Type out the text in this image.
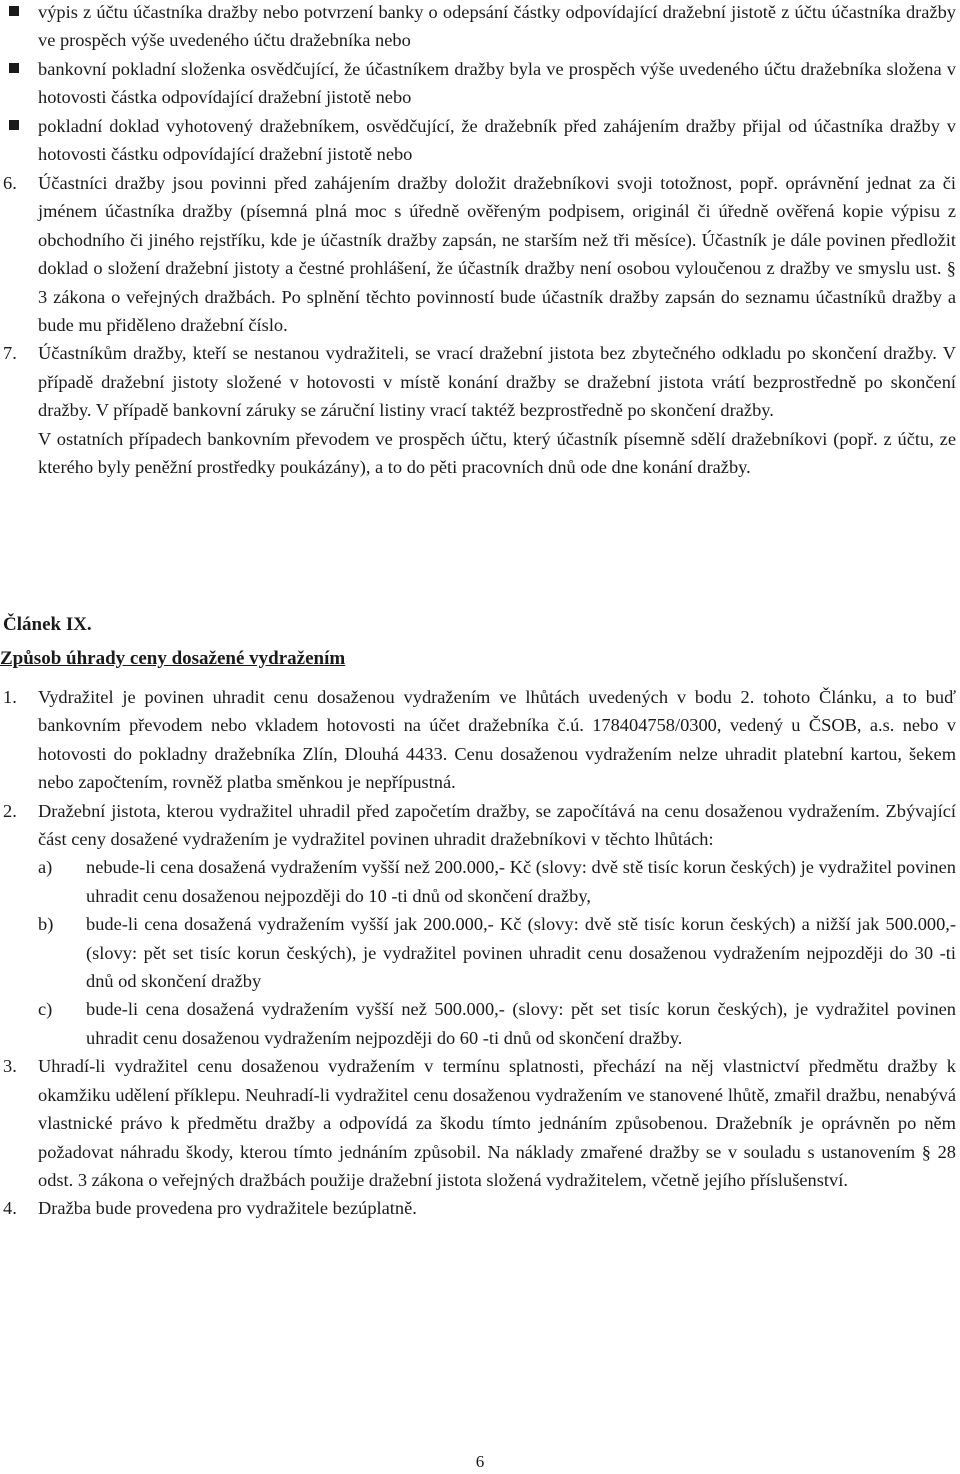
výpis z účtu účastníka dražby nebo potvrzení banky o odepsání částky odpovídající dražební jistotě z účtu účastníka dražby ve prospěch výše uvedeného účtu dražebníka nebo
bankovní pokladní složenka osvědčující, že účastníkem dražby byla ve prospěch výše uvedeného účtu dražebníka složena v hotovosti částka odpovídající dražební jistotě nebo
pokladní doklad vyhotovený dražebníkem, osvědčující, že dražebník před zahájením dražby přijal od účastníka dražby v hotovosti částku odpovídající dražební jistotě nebo
6. Účastníci dražby jsou povinni před zahájením dražby doložit dražebníkovi svoji totožnost, popř. oprávnění jednat za či jménem účastníka dražby (písemná plná moc s úředně ověřeným podpisem, originál či úředně ověřená kopie výpisu z obchodního či jiného rejstříku, kde je účastník dražby zapsán, ne starším než tři měsíce). Účastník je dále povinen předložit doklad o složení dražební jistoty a čestné prohlášení, že účastník dražby není osobou vyloučenou z dražby ve smyslu ust. § 3 zákona o veřejných dražbách. Po splnění těchto povinností bude účastník dražby zapsán do seznamu účastníků dražby a bude mu přiděleno dražební číslo.
7. Účastníkům dražby, kteří se nestanou vydražiteli, se vrací dražební jistota bez zbytečného odkladu po skončení dražby. V případě dražební jistoty složené v hotovosti v místě konání dražby se dražební jistota vrátí bezprostředně po skončení dražby. V případě bankovní záruky se záruční listiny vrací taktéž bezprostředně po skončení dražby.
V ostatních případech bankovním převodem ve prospěch účtu, který účastník písemně sdělí dražebníkovi (popř. z účtu, ze kterého byly peněžní prostředky poukázány), a to do pěti pracovních dnů ode dne konání dražby.
Článek IX.
Způsob úhrady ceny dosažené vydražením
1. Vydražitel je povinen uhradit cenu dosaženou vydražením ve lhůtách uvedených v bodu 2. tohoto Článku, a to buď bankovním převodem nebo vkladem hotovosti na účet dražebníka č.ú. 178404758/0300, vedený u ČSOB, a.s. nebo v hotovosti do pokladny dražebníka Zlín, Dlouhá 4433. Cenu dosaženou vydražením nelze uhradit platební kartou, šekem nebo započtením, rovněž platba směnkou je nepřípustná.
2. Dražební jistota, kterou vydražitel uhradil před započetím dražby, se započítává na cenu dosaženou vydražením. Zbývající část ceny dosažené vydražením je vydražitel povinen uhradit dražebníkovi v těchto lhůtách:
a) nebude-li cena dosažená vydražením vyšší než 200.000,- Kč (slovy: dvě stě tisíc korun českých) je vydražitel povinen uhradit cenu dosaženou nejpozději do 10 -ti dnů od skončení dražby,
b) bude-li cena dosažená vydražením vyšší jak 200.000,- Kč (slovy: dvě stě tisíc korun českých) a nižší jak 500.000,- (slovy: pět set tisíc korun českých), je vydražitel povinen uhradit cenu dosaženou vydražením nejpozději do 30 -ti dnů od skončení dražby
c) bude-li cena dosažená vydražením vyšší než 500.000,- (slovy: pět set tisíc korun českých), je vydražitel povinen uhradit cenu dosaženou vydražením nejpozději do 60 -ti dnů od skončení dražby.
3. Uhradí-li vydražitel cenu dosaženou vydražením v termínu splatnosti, přechází na něj vlastnictví předmětu dražby k okamžiku udělení příklepu. Neuhradí-li vydražitel cenu dosaženou vydražením ve stanovené lhůtě, zmařil dražbu, nenabývá vlastnické právo k předmětu dražby a odpovídá za škodu tímto jednáním způsobenou. Dražebník je oprávněn po něm požadovat náhradu škody, kterou tímto jednáním způsobil. Na náklady zmařené dražby se v souladu s ustanovením § 28 odst. 3 zákona o veřejných dražbách použije dražební jistota složená vydražitelem, včetně jejího příslušenství.
4. Dražba bude provedena pro vydražitele bezúplatně.
6
